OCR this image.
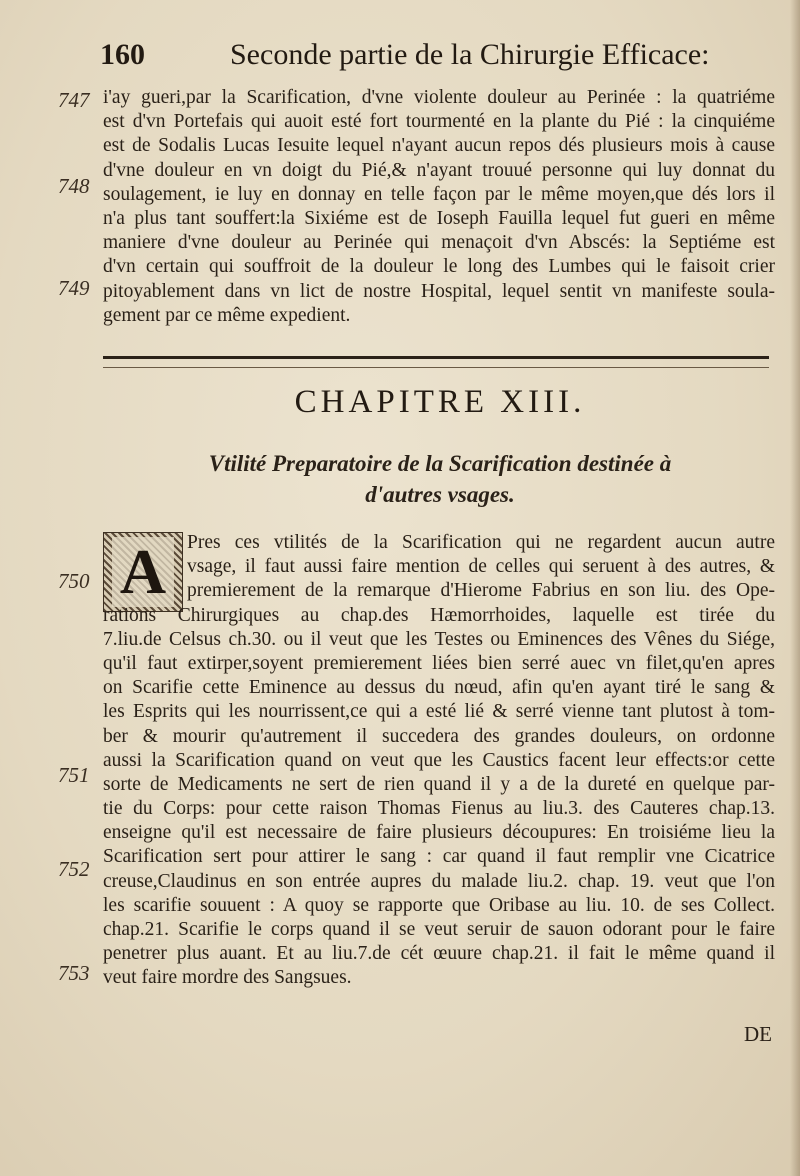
160	Seconde partie de la Chirurgie Efficace:
747
748
749
750
751
752
753
i'ay gueri,par la Scarification, d'vne violente douleur au Perinée : la quatriéme
est d'vn Portefais qui auoit esté fort tourmenté en la plante du Pié : la cinquiéme
est de Sodalis Lucas Iesuite lequel n'ayant aucun repos dés plusieurs mois à cause
d'vne douleur en vn doigt du Pié,& n'ayant trouué personne qui luy donnat du
soulagement, ie luy en donnay en telle façon par le même moyen,que dés lors il
n'a plus tant souffert:la Sixiéme est de Ioseph Fauilla lequel fut gueri en même
maniere d'vne douleur au Perinée qui menaçoit d'vn Abscés: la Septiéme est
d'vn certain qui souffroit de la douleur le long des Lumbes qui le faisoit crier
pitoyablement dans vn lict de nostre Hospital, lequel sentit vn manifeste soula-
gement par ce même expedient.
CHAPITRE XIII.
Vtilité Preparatoire de la Scarification destinée à
d'autres vsages.
A	Pres ces vtilités de la Scarification qui ne regardent aucun autre
vsage, il faut aussi faire mention de celles qui seruent à des autres, &
premierement de la remarque d'Hierome Fabrius en son liu. des Ope-
rations Chirurgiques au chap.des Hæmorrhoides, laquelle est tirée du
7.liu.de Celsus ch.30. ou il veut que les Testes ou Eminences des Vênes du Siége,
qu'il faut extirper,soyent premierement liées bien serré auec vn filet,qu'en apres
on Scarifie cette Eminence au dessus du nœud, afin qu'en ayant tiré le sang &
les Esprits qui les nourrissent,ce qui a esté lié & serré vienne tant plutost à tom-
ber & mourir qu'autrement il succedera des grandes douleurs, on ordonne
aussi la Scarification quand on veut que les Caustics facent leur effects:or cette
sorte de Medicaments ne sert de rien quand il y a de la dureté en quelque par-
tie du Corps: pour cette raison Thomas Fienus au liu.3. des Cauteres chap.13.
enseigne qu'il est necessaire de faire plusieurs découpures: En troisiéme lieu la
Scarification sert pour attirer le sang : car quand il faut remplir vne Cicatrice
creuse,Claudinus en son entrée aupres du malade liu.2. chap. 19. veut que l'on
les scarifie souuent : A quoy se rapporte que Oribase au liu. 10. de ses Collect.
chap.21. Scarifie le corps quand il se veut seruir de sauon odorant pour le faire
penetrer plus auant. Et au liu.7.de cét œuure chap.21. il fait le même quand il
veut faire mordre des Sangsues.
DE
